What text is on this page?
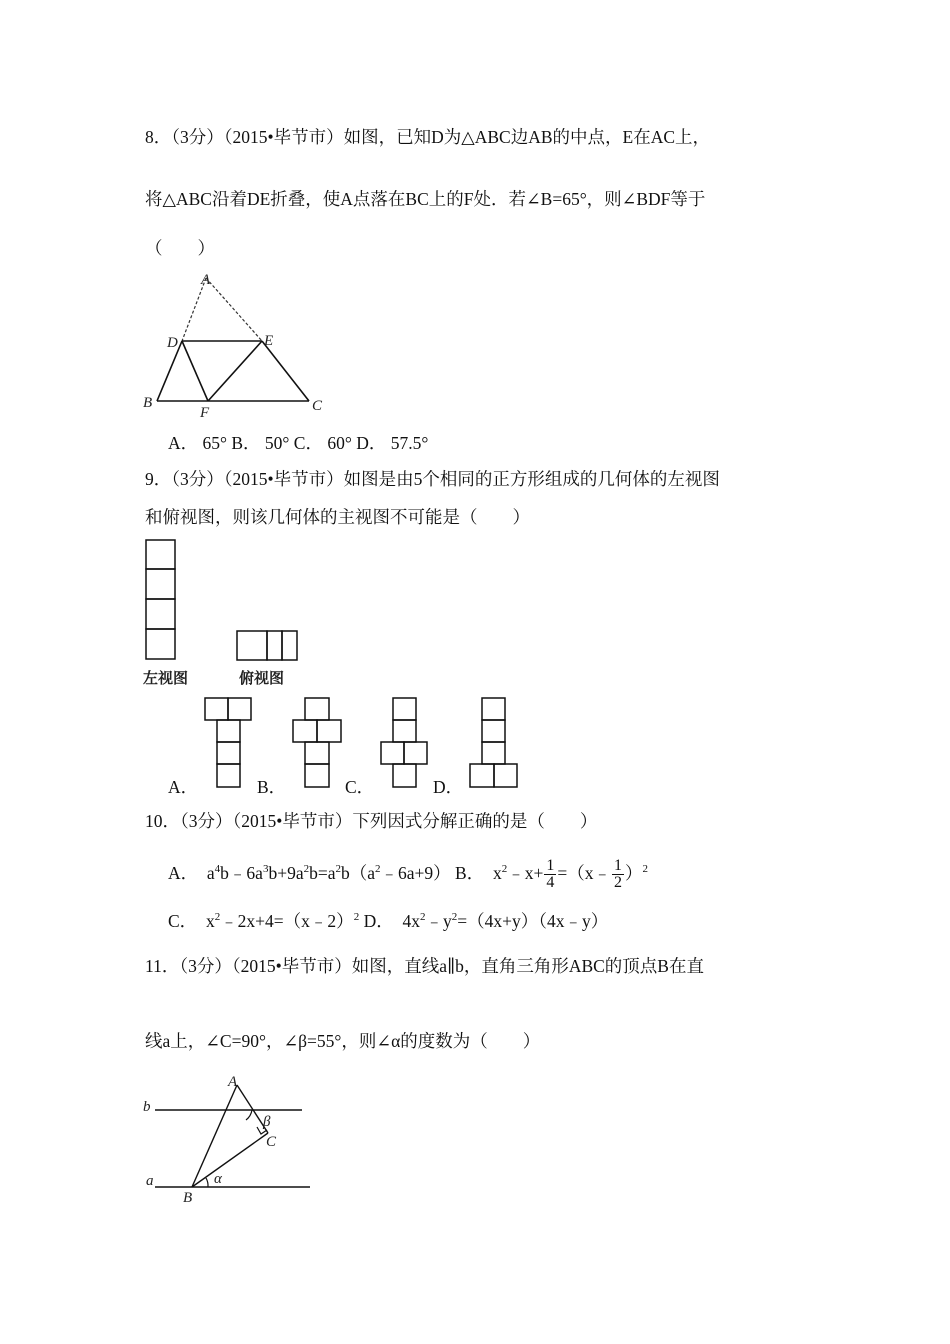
8．（3分）（2015•毕节市）如图，已知D为△ABC边AB的中点，E在AC上，
将△ABC沿着DE折叠，使A点落在BC上的F处．若∠B=65°，则∠BDF等于
（　　）
A
D	E
B
F	C
A． 65° B． 50° C． 60° D． 57.5°
9．（3分）（2015•毕节市）如图是由5个相同的正方形组成的几何体的左视图
和俯视图，则该几何体的主视图不可能是（　　）
左视图	俯视图
A．	B．	C．	D．
10．（3分）（2015•毕节市）下列因式分解正确的是（　　）
A．  $a^4b﹣6a^3b+9a^2b=a^2b(a^2﹣6a+9)$ B．  $x^2﹣x+ \frac{1}{4}$ =（x﹣ $\frac{1}{2} )^2$
C．  $x^2﹣2x+4=(x﹣2)^2$ D．  $4x^2﹣y^2=(4x+y)(4x﹣y)$
11．（3分）（2015•毕节市）如图，直线a∥b，直角三角形ABC的顶点B在直
线a上，∠C=90°，∠β=55°，则∠α的度数为（　　）
A
b
β
C
a	α
B
